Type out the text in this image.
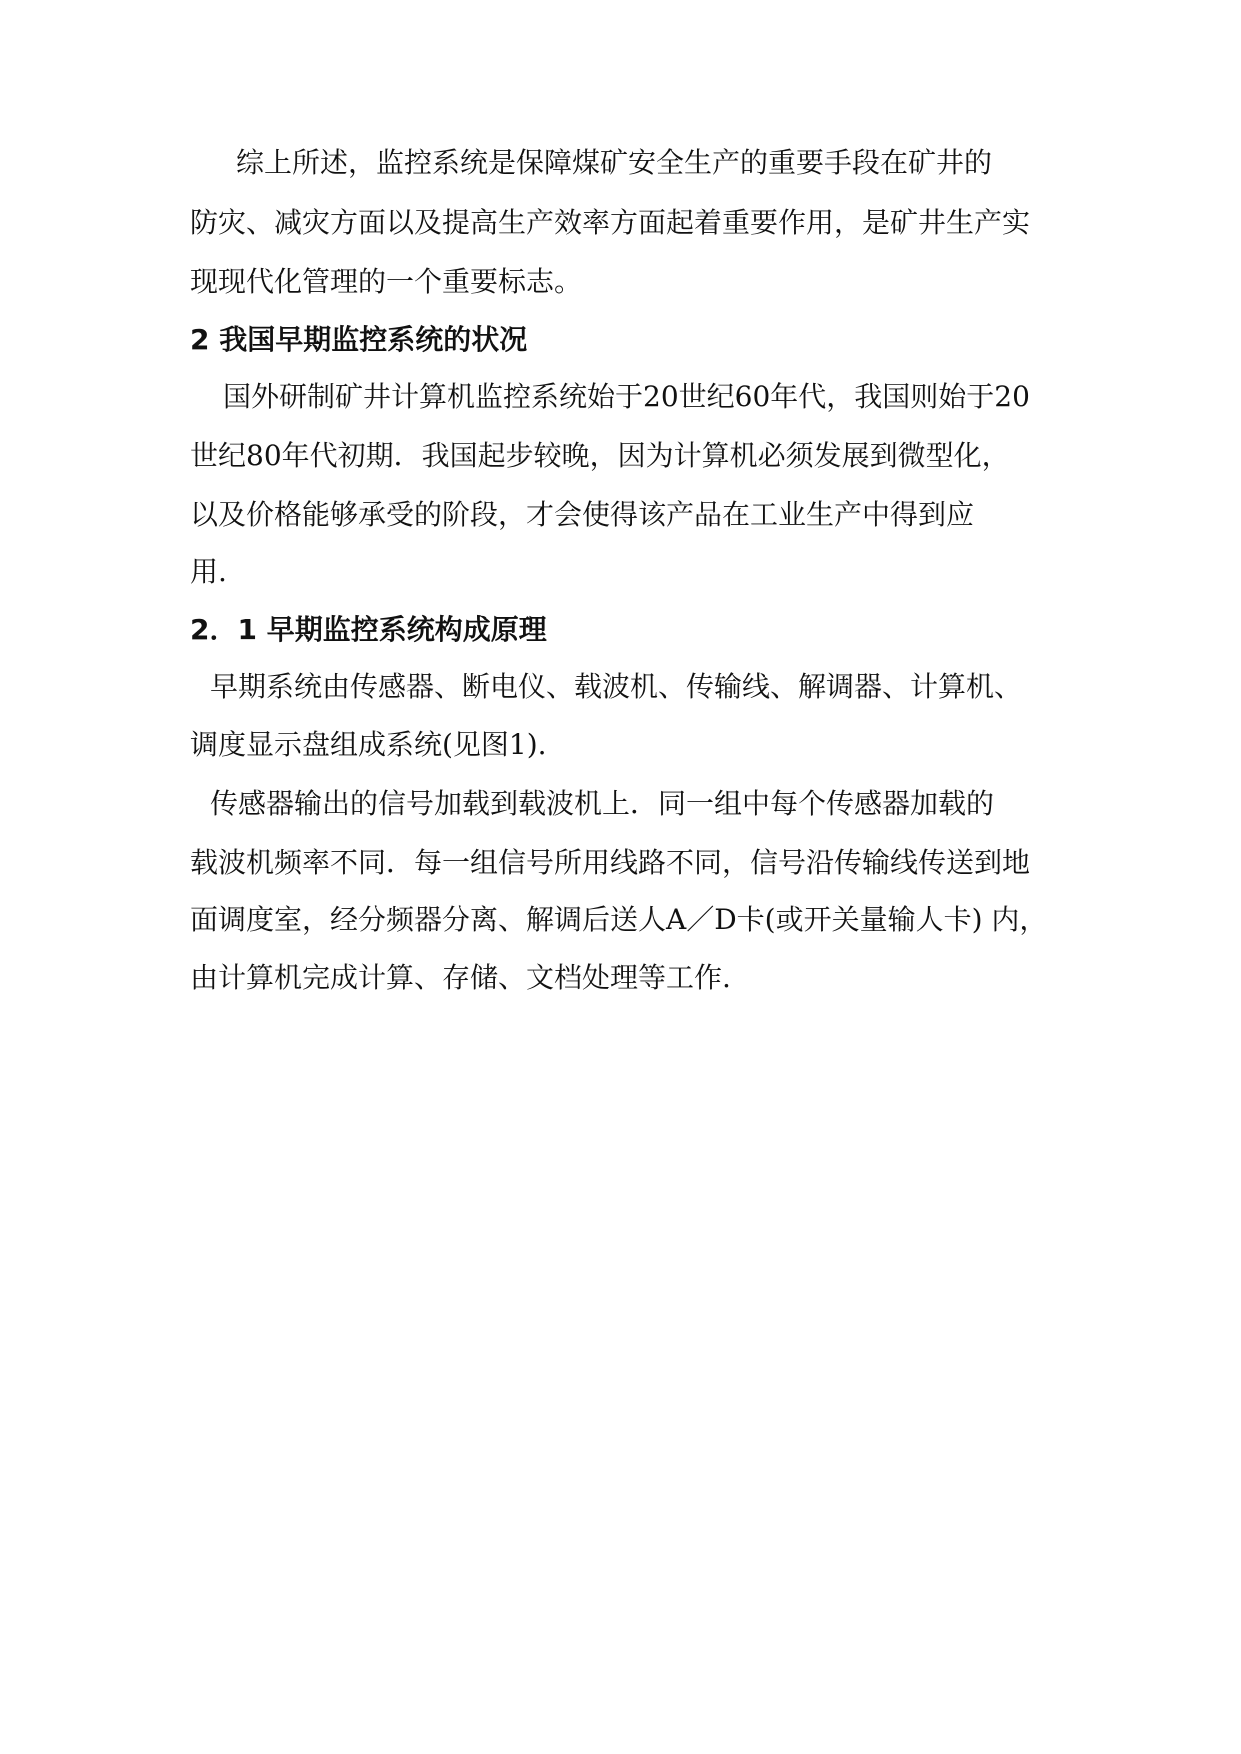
综上所述，监控系统是保障煤矿安全生产的重要手段在矿井的
防灾、减灾方面以及提高生产效率方面起着重要作用，是矿井生产实
现现代化管理的一个重要标志。
2 我国早期监控系统的状况
国外研制矿井计算机监控系统始于20世纪60年代，我国则始于20
世纪80年代初期．我国起步较晚，因为计算机必须发展到微型化，
以及价格能够承受的阶段，才会使得该产品在工业生产中得到应
用.
2．1 早期监控系统构成原理
早期系统由传感器、断电仪、载波机、传输线、解调器、计算机、
调度显示盘组成系统(见图1).
传感器输出的信号加载到载波机上．同一组中每个传感器加载的
载波机频率不同．每一组信号所用线路不同，信号沿传输线传送到地
面调度室，经分频器分离、解调后送人A／D卡(或开关量输人卡) 内，
由计算机完成计算、存储、文档处理等工作.
